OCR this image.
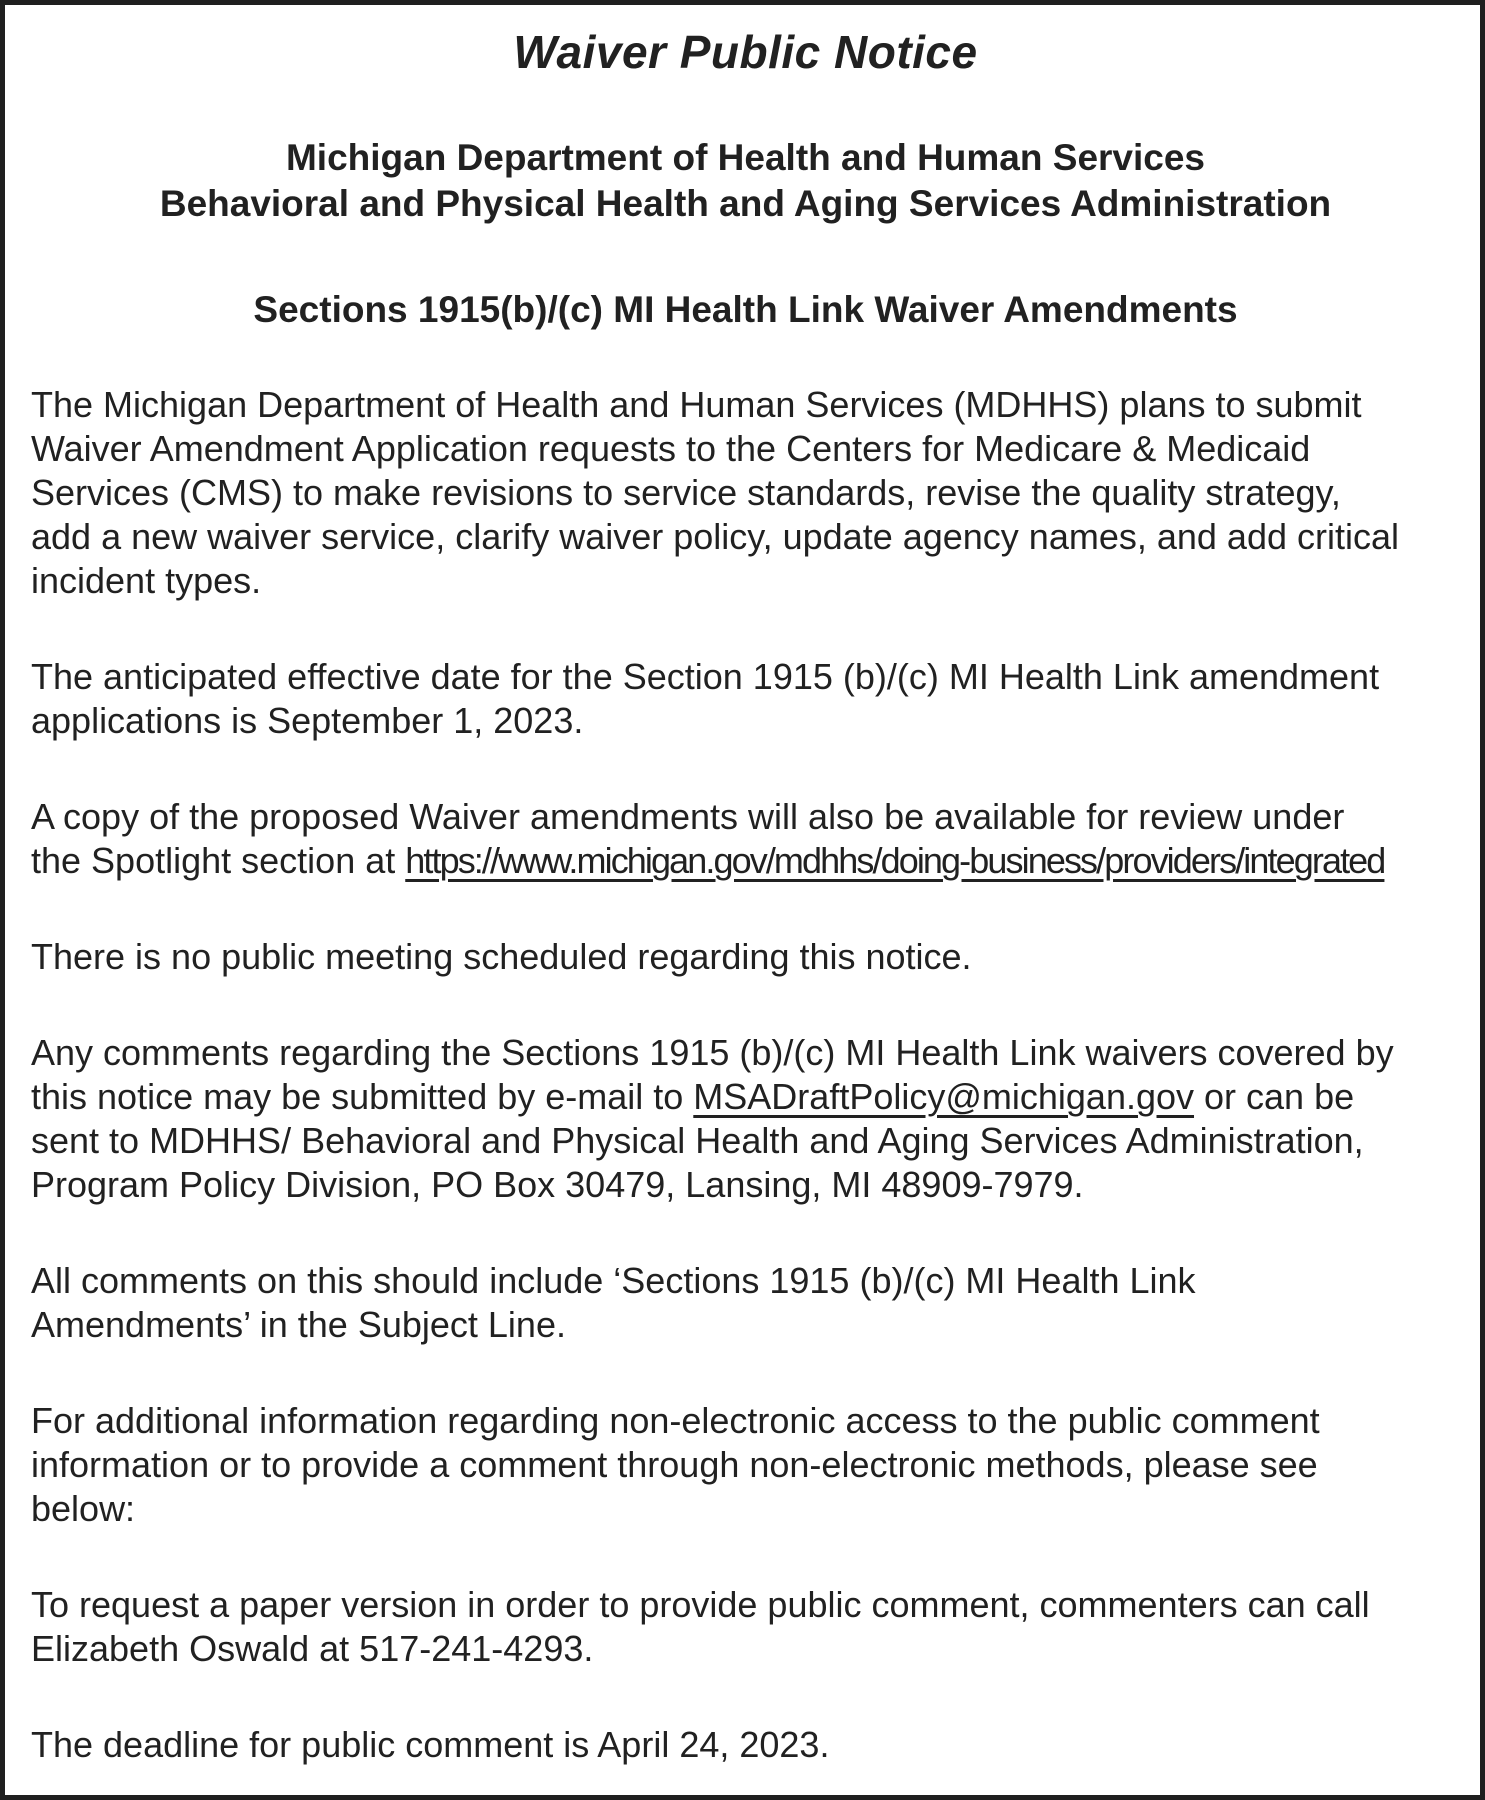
Waiver Public Notice
Michigan Department of Health and Human Services
Behavioral and Physical Health and Aging Services Administration
Sections 1915(b)/(c) MI Health Link Waiver Amendments

The Michigan Department of Health and Human Services (MDHHS) plans to submit
Waiver Amendment Application requests to the Centers for Medicare & Medicaid
Services (CMS) to make revisions to service standards, revise the quality strategy,
add a new waiver service, clarify waiver policy, update agency names, and add critical
incident types.

The anticipated effective date for the Section 1915 (b)/(c) MI Health Link amendment
applications is September 1, 2023.

A copy of the proposed Waiver amendments will also be available for review under
the Spotlight section at https://www.michigan.gov/mdhhs/doing-business/providers/integrated

There is no public meeting scheduled regarding this notice.

Any comments regarding the Sections 1915 (b)/(c) MI Health Link waivers covered by
this notice may be submitted by e-mail to MSADraftPolicy@michigan.gov or can be
sent to MDHHS/ Behavioral and Physical Health and Aging Services Administration,
Program Policy Division, PO Box 30479, Lansing, MI 48909-7979.

All comments on this should include ‘Sections 1915 (b)/(c) MI Health Link
Amendments’ in the Subject Line.

For additional information regarding non-electronic access to the public comment
information or to provide a comment through non-electronic methods, please see
below:

To request a paper version in order to provide public comment, commenters can call
Elizabeth Oswald at 517-241-4293.

The deadline for public comment is April 24, 2023.
